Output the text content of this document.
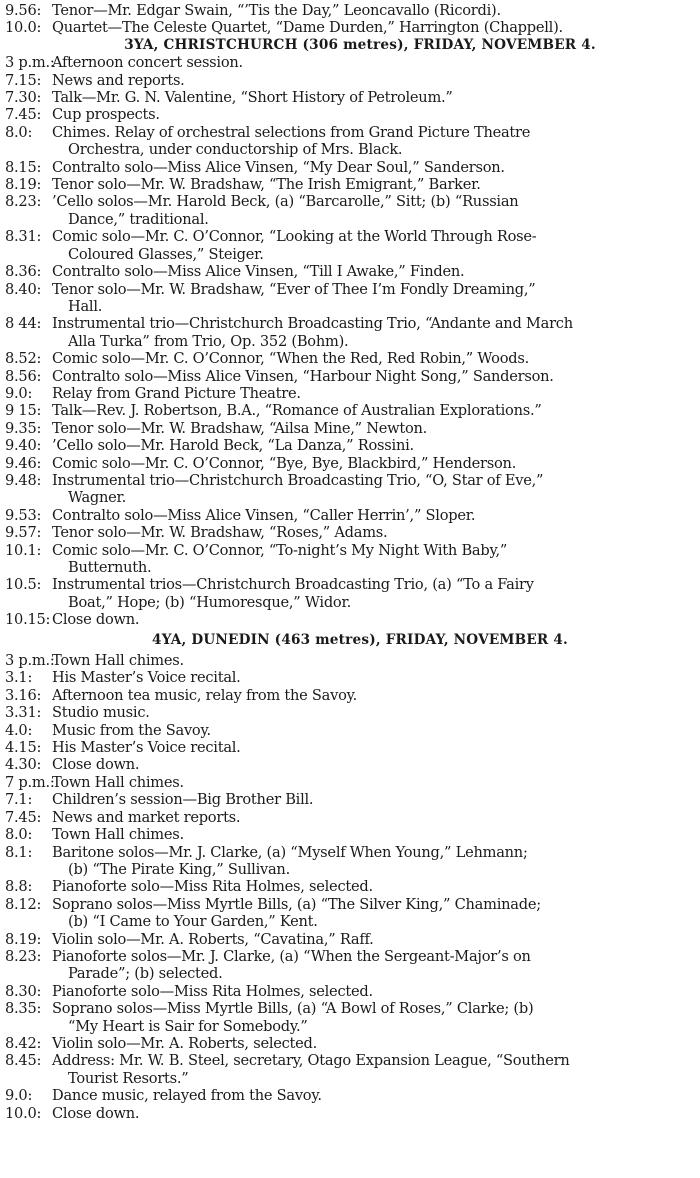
9.56: Tenor—Mr. Edgar Swain, “’Tis the Day,” Leoncavallo (Ricordi).
10.0: Quartet—The Celeste Quartet, “Dame Durden,” Harrington (Chappell).
3YA, CHRISTCHURCH (306 metres), FRIDAY, NOVEMBER 4.
3 p.m.:
Afternoon concert session.
7.15: News and reports.
7.30: Talk—Mr. G. N. Valentine, “Short History of Petroleum.”
7.45: Cup prospects.
8.0: Chimes. Relay of orchestral selections from Grand Picture Theatre
Orchestra, under conductorship of Mrs. Black.
8.15: Contralto solo—Miss Alice Vinsen, “My Dear Soul,” Sanderson.
8.19: Tenor solo—Mr. W. Bradshaw, “The Irish Emigrant,” Barker.
8.23: ’Cello solos—Mr. Harold Beck, (a) “Barcarolle,” Sitt; (b) “Russian
Dance,” traditional.
8.31: Comic solo—Mr. C. O’Connor, “Looking at the World Through Rose-
Coloured Glasses,” Steiger.
8.36: Contralto solo—Miss Alice Vinsen, “Till I Awake,” Finden.
8.40: Tenor solo—Mr. W. Bradshaw, “Ever of Thee I’m Fondly Dreaming,”
Hall.
8 44: Instrumental trio—Christchurch Broadcasting Trio, “Andante and March
Alla Turka” from Trio, Op. 352 (Bohm).
8.52: Comic solo—Mr. C. O’Connor, “When the Red, Red Robin,” Woods.
8.56: Contralto solo—Miss Alice Vinsen, “Harbour Night Song,” Sanderson.
9.0: Relay from Grand Picture Theatre.
9 15: Talk—Rev. J. Robertson, B.A., “Romance of Australian Explorations.”
9.35: Tenor solo—Mr. W. Bradshaw, “Ailsa Mine,” Newton.
9.40: ’Cello solo—Mr. Harold Beck, “La Danza,” Rossini.
9.46: Comic solo—Mr. C. O’Connor, “Bye, Bye, Blackbird,” Henderson.
9.48: Instrumental trio—Christchurch Broadcasting Trio, “O, Star of Eve,”
Wagner.
9.53: Contralto solo—Miss Alice Vinsen, “Caller Herrin’,” Sloper.
9.57: Tenor solo—Mr. W. Bradshaw, “Roses,” Adams.
10.1: Comic solo—Mr. C. O’Connor, “To-night’s My Night With Baby,”
Butternuth.
10.5: Instrumental trios—Christchurch Broadcasting Trio, (a) “To a Fairy
Boat,” Hope; (b) “Humoresque,” Widor.
10.15: Close down.
4YA, DUNEDIN (463 metres), FRIDAY, NOVEMBER 4.
3 p.m.:
Town Hall chimes.
3.1: His Master’s Voice recital.
3.16: Afternoon tea music, relay from the Savoy.
3.31: Studio music.
4.0: Music from the Savoy.
4.15: His Master’s Voice recital.
4.30: Close down.
7 p.m.:
Town Hall chimes.
7.1: Children’s session—Big Brother Bill.
7.45: News and market reports.
8.0: Town Hall chimes.
8.1: Baritone solos—Mr. J. Clarke, (a) “Myself When Young,” Lehmann;
(b) “The Pirate King,” Sullivan.
8.8: Pianoforte solo—Miss Rita Holmes, selected.
8.12: Soprano solos—Miss Myrtle Bills, (a) “The Silver King,” Chaminade;
(b) “I Came to Your Garden,” Kent.
8.19: Violin solo—Mr. A. Roberts, “Cavatina,” Raff.
8.23: Pianoforte solos—Mr. J. Clarke, (a) “When the Sergeant-Major’s on
Parade”; (b) selected.
8.30: Pianoforte solo—Miss Rita Holmes, selected.
8.35: Soprano solos—Miss Myrtle Bills, (a) “A Bowl of Roses,” Clarke; (b)
“My Heart is Sair for Somebody.”
8.42: Violin solo—Mr. A. Roberts, selected.
8.45: Address: Mr. W. B. Steel, secretary, Otago Expansion League, “Southern
Tourist Resorts.”
9.0: Dance music, relayed from the Savoy.
10.0: Close down.
